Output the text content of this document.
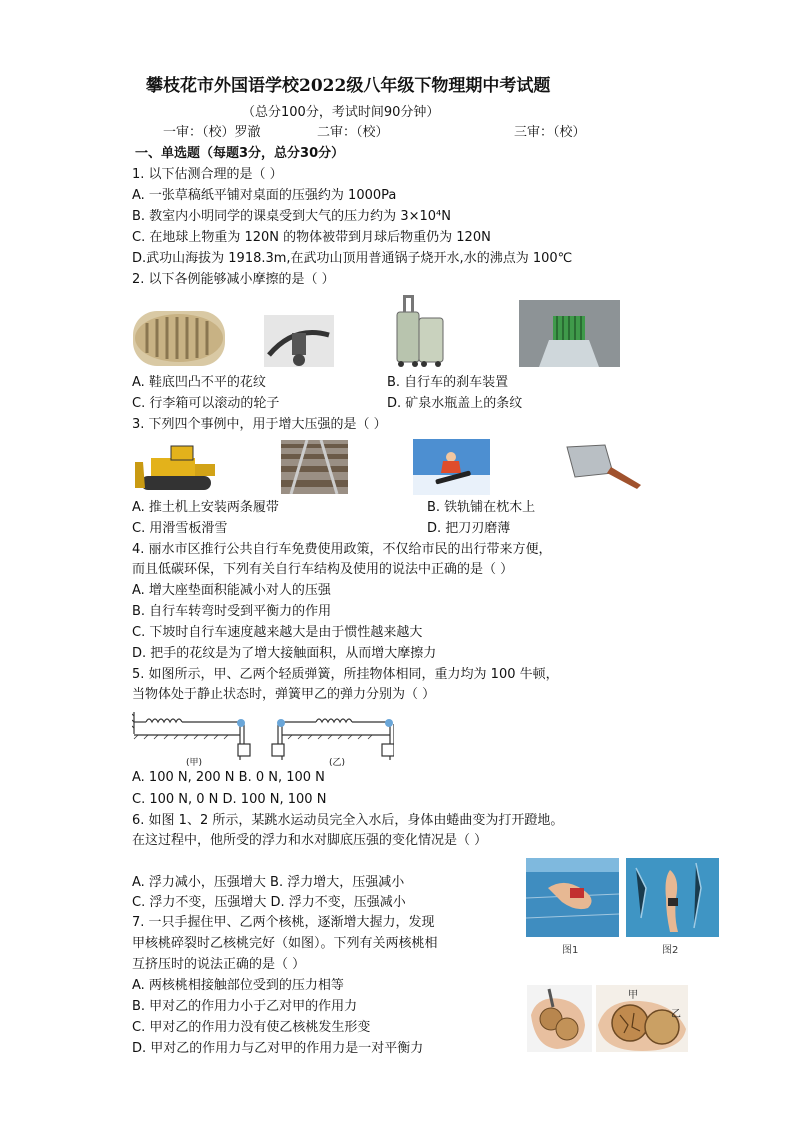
攀枝花市外国语学校2022级八年级下物理期中考试题
（总分100分，考试时间90分钟）
一审：（校）罗澈	二审：（校）	三审：（校）
一、单选题（每题3分，总分30分）
1. 以下估测合理的是（ ）
A. 一张草稿纸平铺对桌面的压强约为 1000Pa
B. 教室内小明同学的课桌受到大气的压力约为 3×10⁴N
C. 在地球上物重为 120N 的物体被带到月球后物重仍为 120N
D.武功山海拔为 1918.3m,在武功山顶用普通锅子烧开水,水的沸点为 100℃
2. 以下各例能够减小摩擦的是（ ）
A. 鞋底凹凸不平的花纹	B. 自行车的刹车装置
C. 行李箱可以滚动的轮子	D. 矿泉水瓶盖上的条纹
3. 下列四个事例中，用于增大压强的是（ ）
A. 推土机上安装两条履带	B. 铁轨铺在枕木上
C. 用滑雪板滑雪	D. 把刀刃磨薄
4. 丽水市区推行公共自行车免费使用政策，不仅给市民的出行带来方便，
而且低碳环保，下列有关自行车结构及使用的说法中正确的是（ ）
A. 增大座垫面积能减小对人的压强
B. 自行车转弯时受到平衡力的作用
C. 下坡时自行车速度越来越大是由于惯性越来越大
D. 把手的花纹是为了增大接触面积，从而增大摩擦力
5. 如图所示，甲、乙两个轻质弹簧，所挂物体相同，重力均为 100 牛顿，
当物体处于静止状态时，弹簧甲乙的弹力分别为（ ）
(甲)	(乙)
A. 100 N, 200 N B. 0 N, 100 N
C. 100 N, 0 N D. 100 N, 100 N
6. 如图 1、2 所示，某跳水运动员完全入水后，身体由蜷曲变为打开蹬地。
在这过程中，他所受的浮力和水对脚底压强的变化情况是（ ）
图1	图2
A. 浮力减小，压强增大 B. 浮力增大，压强减小
C. 浮力不变，压强增大 D. 浮力不变，压强减小
7. 一只手握住甲、乙两个核桃，逐渐增大握力，发现
甲核桃碎裂时乙核桃完好（如图）。下列有关两核桃相
互挤压时的说法正确的是（ ）
A. 两核桃相接触部位受到的压力相等
B. 甲对乙的作用力小于乙对甲的作用力
C. 甲对乙的作用力没有使乙核桃发生形变
D. 甲对乙的作用力与乙对甲的作用力是一对平衡力
甲
乙
